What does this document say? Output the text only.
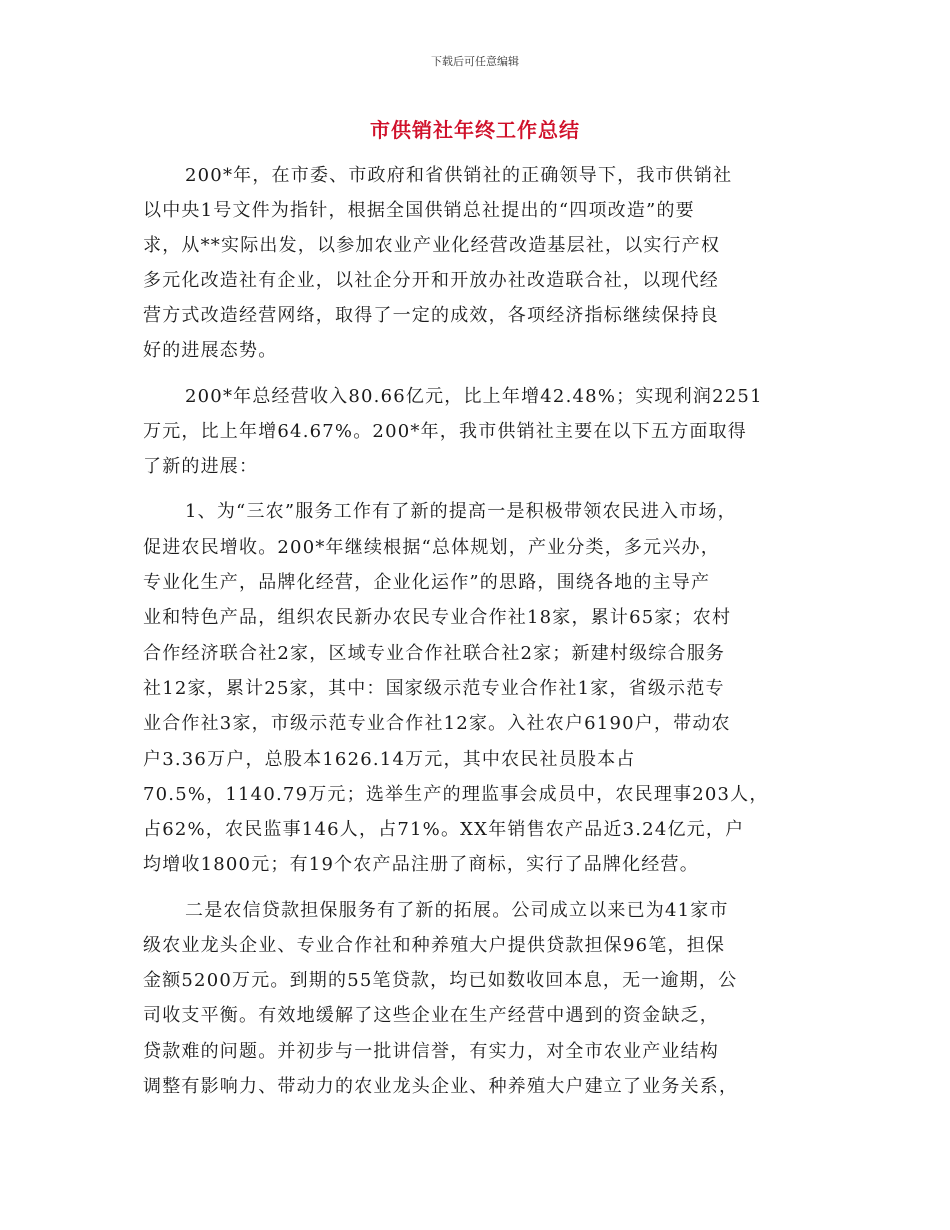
下载后可任意编辑
市供销社年终工作总结
200*年，在市委、市政府和省供销社的正确领导下，我市供销社
以中央1号文件为指针，根据全国供销总社提出的“四项改造”的要
求，从**实际出发，以参加农业产业化经营改造基层社，以实行产权
多元化改造社有企业，以社企分开和开放办社改造联合社，以现代经
营方式改造经营网络，取得了一定的成效，各项经济指标继续保持良
好的进展态势。
200*年总经营收入80.66亿元，比上年增42.48%；实现利润2251
万元，比上年增64.67%。200*年，我市供销社主要在以下五方面取得
了新的进展：
1、为“三农”服务工作有了新的提高一是积极带领农民进入市场，
促进农民增收。200*年继续根据“总体规划，产业分类，多元兴办，
专业化生产，品牌化经营，企业化运作”的思路，围绕各地的主导产
业和特色产品，组织农民新办农民专业合作社18家，累计65家；农村
合作经济联合社2家，区域专业合作社联合社2家；新建村级综合服务
社12家，累计25家，其中：国家级示范专业合作社1家，省级示范专
业合作社3家，市级示范专业合作社12家。入社农户6190户，带动农
户3.36万户，总股本1626.14万元，其中农民社员股本占
70.5%，1140.79万元；选举生产的理监事会成员中，农民理事203人，
占62%，农民监事146人，占71%。XX年销售农产品近3.24亿元，户
均增收1800元；有19个农产品注册了商标，实行了品牌化经营。
二是农信贷款担保服务有了新的拓展。公司成立以来已为41家市
级农业龙头企业、专业合作社和种养殖大户提供贷款担保96笔，担保
金额5200万元。到期的55笔贷款，均已如数收回本息，无一逾期，公
司收支平衡。有效地缓解了这些企业在生产经营中遇到的资金缺乏，
贷款难的问题。并初步与一批讲信誉，有实力，对全市农业产业结构
调整有影响力、带动力的农业龙头企业、种养殖大户建立了业务关系，
